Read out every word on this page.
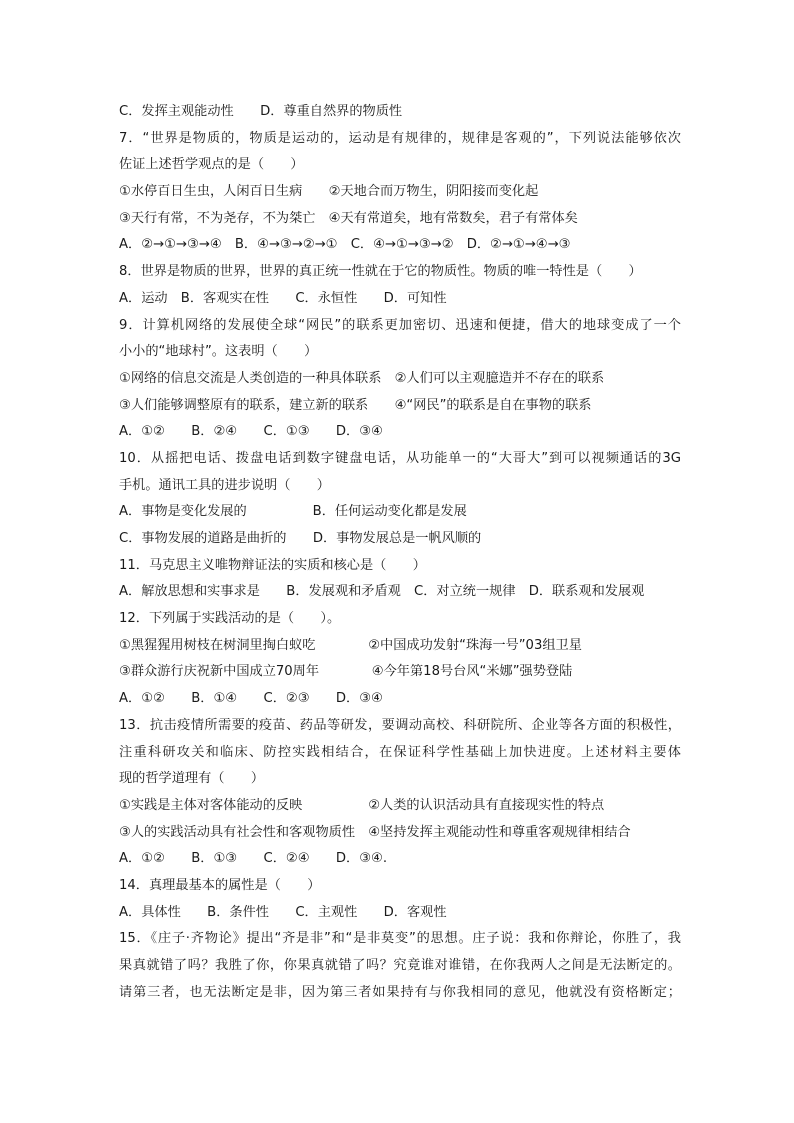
C．发挥主观能动性　　D．尊重自然界的物质性
7．“世界是物质的，物质是运动的，运动是有规律的，规律是客观的”，下列说法能够依次
佐证上述哲学观点的是（　　）
①水停百日生虫，人闲百日生病　　②天地合而万物生，阴阳接而变化起
③天行有常，不为尧存，不为桀亡　④天有常道矣，地有常数矣，君子有常体矣
A．②→①→③→④　B．④→③→②→①　C．④→①→③→②　D．②→①→④→③
8．世界是物质的世界，世界的真正统一性就在于它的物质性。物质的唯一特性是（　　）
A．运动　B．客观实在性　　C．永恒性　　D．可知性
9．计算机网络的发展使全球“网民”的联系更加密切、迅速和便捷，借大的地球变成了一个
小小的“地球村”。这表明（　　）
①网络的信息交流是人类创造的一种具体联系　②人们可以主观臆造并不存在的联系
③人们能够调整原有的联系，建立新的联系　　④“网民”的联系是自在事物的联系
A．①②　　B．②④　　C．①③　　D．③④
10．从摇把电话、拨盘电话到数字键盘电话，从功能单一的“大哥大”到可以视频通话的3G
手机。通讯工具的进步说明（　　）
A．事物是变化发展的　　　　　B．任何运动变化都是发展
C．事物发展的道路是曲折的　　D．事物发展总是一帆风顺的
11．马克思主义唯物辩证法的实质和核心是（　　）
A．解放思想和实事求是　　B．发展观和矛盾观　C．对立统一规律　D．联系观和发展观
12．下列属于实践活动的是（　　）。
①黑猩猩用树枝在树洞里掏白蚁吃　　　　②中国成功发射“珠海一号”03组卫星
③群众游行庆祝新中国成立70周年　　　　④今年第18号台风“米娜”强势登陆
A．①②　　B．①④　　C．②③　　D．③④
13．抗击疫情所需要的疫苗、药品等研发，要调动高校、科研院所、企业等各方面的积极性，
注重科研攻关和临床、防控实践相结合，在保证科学性基础上加快进度。上述材料主要体
现的哲学道理有（　　）
①实践是主体对客体能动的反映　　　　　②人类的认识活动具有直接现实性的特点
③人的实践活动具有社会性和客观物质性　④坚持发挥主观能动性和尊重客观规律相结合
A．①②　　B．①③　　C．②④　　D．③④.
14．真理最基本的属性是（　　）
A．具体性　　B．条件性　　C．主观性　　D．客观性
15．《庄子·齐物论》提出“齐是非”和“是非莫变”的思想。庄子说：我和你辩论，你胜了，我
果真就错了吗？我胜了你，你果真就错了吗？究竟谁对谁错，在你我两人之间是无法断定的。
请第三者，也无法断定是非，因为第三者如果持有与你我相同的意见，他就没有资格断定；
